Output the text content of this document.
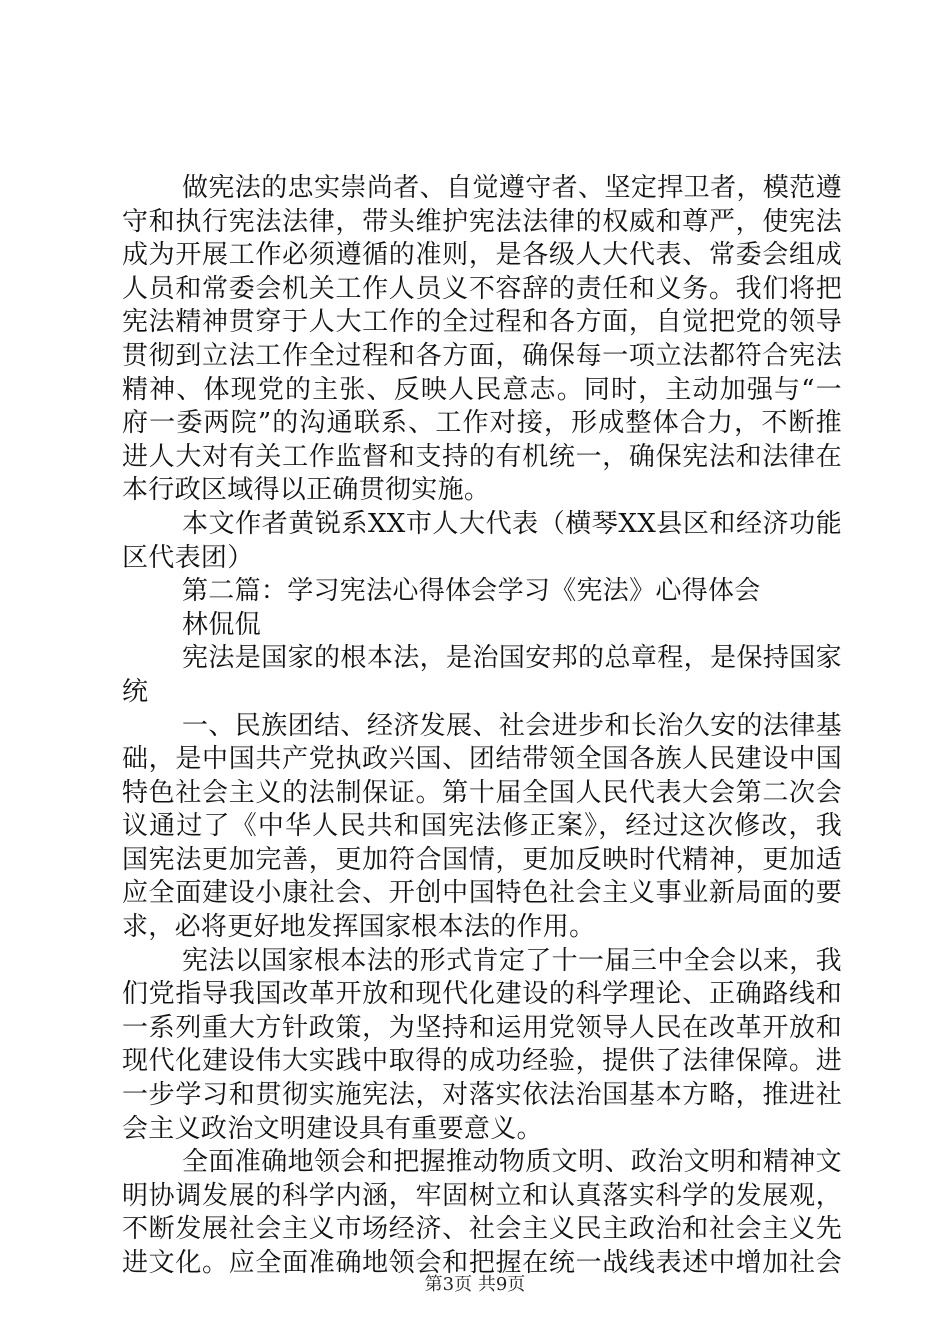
做宪法的忠实崇尚者、自觉遵守者、坚定捍卫者，模范遵
守和执行宪法法律，带头维护宪法法律的权威和尊严，使宪法
成为开展工作必须遵循的准则，是各级人大代表、常委会组成
人员和常委会机关工作人员义不容辞的责任和义务。我们将把
宪法精神贯穿于人大工作的全过程和各方面，自觉把党的领导
贯彻到立法工作全过程和各方面，确保每一项立法都符合宪法
精神、体现党的主张、反映人民意志。同时，主动加强与“一
府一委两院”的沟通联系、工作对接，形成整体合力，不断推
进人大对有关工作监督和支持的有机统一，确保宪法和法律在
本行政区域得以正确贯彻实施。
本文作者黄锐系XX市人大代表（横琴XX县区和经济功能
区代表团）
第二篇：学习宪法心得体会学习《宪法》心得体会
林侃侃
宪法是国家的根本法，是治国安邦的总章程，是保持国家
统
一、民族团结、经济发展、社会进步和长治久安的法律基
础，是中国共产党执政兴国、团结带领全国各族人民建设中国
特色社会主义的法制保证。第十届全国人民代表大会第二次会
议通过了《中华人民共和国宪法修正案》，经过这次修改，我
国宪法更加完善，更加符合国情，更加反映时代精神，更加适
应全面建设小康社会、开创中国特色社会主义事业新局面的要
求，必将更好地发挥国家根本法的作用。
宪法以国家根本法的形式肯定了十一届三中全会以来，我
们党指导我国改革开放和现代化建设的科学理论、正确路线和
一系列重大方针政策，为坚持和运用党领导人民在改革开放和
现代化建设伟大实践中取得的成功经验，提供了法律保障。进
一步学习和贯彻实施宪法，对落实依法治国基本方略，推进社
会主义政治文明建设具有重要意义。
全面准确地领会和把握推动物质文明、政治文明和精神文
明协调发展的科学内涵，牢固树立和认真落实科学的发展观，
不断发展社会主义市场经济、社会主义民主政治和社会主义先
进文化。应全面准确地领会和把握在统一战线表述中增加社会
第3页 共9页
